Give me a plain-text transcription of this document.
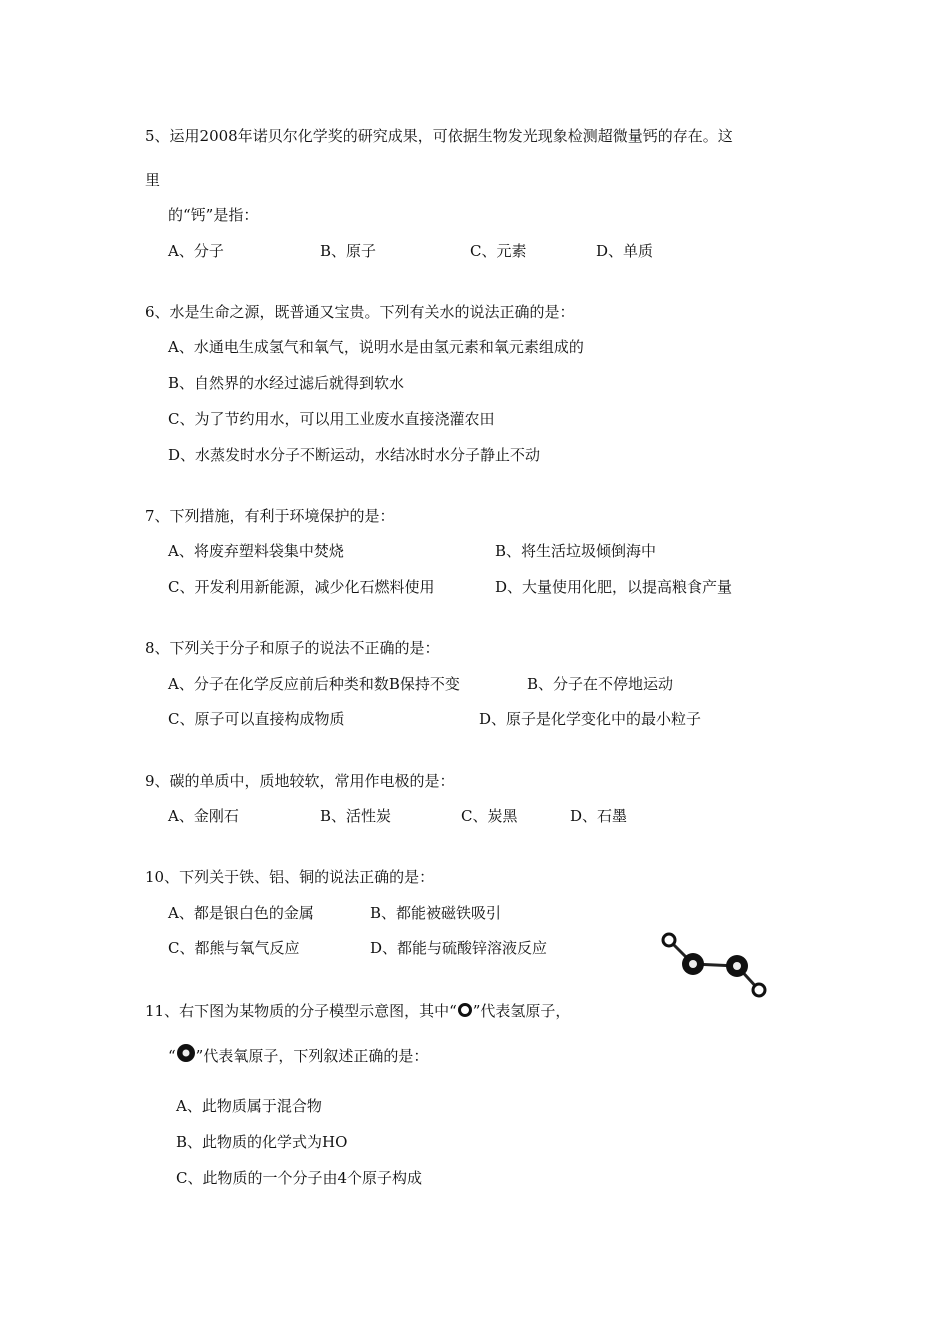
5、运用2008年诺贝尔化学奖的研究成果，可依据生物发光现象检测超微量钙的存在。这
里
的“钙”是指：
A、分子	B、原子	C、元素	D、单质
6、水是生命之源，既普通又宝贵。下列有关水的说法正确的是：
A、水通电生成氢气和氧气，说明水是由氢元素和氧元素组成的
B、自然界的水经过滤后就得到软水
C、为了节约用水，可以用工业废水直接浇灌农田
D、水蒸发时水分子不断运动，水结冰时水分子静止不动
7、下列措施，有利于环境保护的是：
A、将废弃塑料袋集中焚烧	B、将生活垃圾倾倒海中
C、开发利用新能源，减少化石燃料使用	D、大量使用化肥，以提高粮食产量
8、下列关于分子和原子的说法不正确的是：
A、分子在化学反应前后种类和数B保持不变	B、分子在不停地运动
C、原子可以直接构成物质	D、原子是化学变化中的最小粒子
9、碳的单质中，质地较软，常用作电极的是：
A、金刚石	B、活性炭	C、炭黑	D、石墨
10、下列关于铁、铝、铜的说法正确的是：
A、都是银白色的金属	B、都能被磁铁吸引
C、都熊与氧气反应	D、都能与硫酸锌溶液反应
11、右下图为某物质的分子模型示意图，其中“ ”代表氢原子，
“ ”代表氧原子，下列叙述正确的是：
A、此物质属于混合物
B、此物质的化学式为HO
C、此物质的一个分子由4个原子构成
